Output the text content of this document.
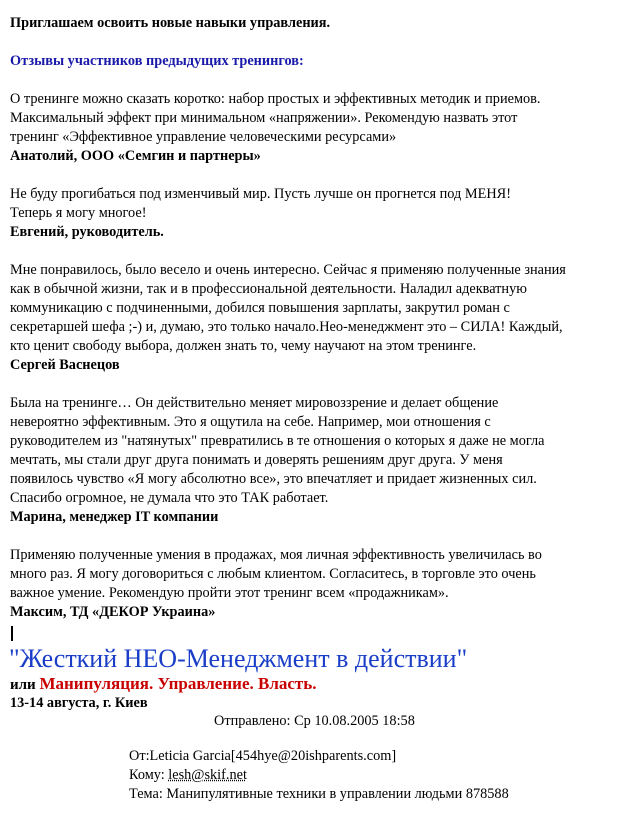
Приглашаем освоить новые навыки управления.
Отзывы участников предыдущих тренингов:
О тренинге можно сказать коротко: набор простых и эффективных методик и приемов.
Максимальный эффект при минимальном «напряжении». Рекомендую назвать этот
тренинг «Эффективное управление человеческими ресурсами»
Анатолий, ООО «Семгин и партнеры»
Не буду прогибаться под изменчивый мир. Пусть лучше он прогнется под МЕНЯ!
Теперь я могу многое!
Евгений, руководитель.
Мне понравилось, было весело и очень интересно. Сейчас я применяю полученные знания
как в обычной жизни, так и в профессиональной деятельности. Наладил адекватную
коммуникацию с подчиненными, добился повышения зарплаты, закрутил роман с
секретаршей шефа ;-) и, думаю, это только начало.Нео-менеджмент это – СИЛА! Каждый,
кто ценит свободу выбора, должен знать то, чему научают на этом тренинге.
Сергей Васнецов
Была на тренинге… Он действительно меняет мировоззрение и делает общение
невероятно эффективным. Это я ощутила на себе. Например, мои отношения с
руководителем из "натянутых" превратились в те отношения о которых я даже не могла
мечтать, мы стали друг друга понимать и доверять решениям друг друга. У меня
появилось чувство «Я могу абсолютно все», это впечатляет и придает жизненных сил.
Спасибо огромное, не думала что это ТАК работает.
Марина, менеджер IT компании
Применяю полученные умения в продажах, моя личная эффективность увеличилась во
много раз. Я могу договориться с любым клиентом. Согласитесь, в торговле это очень
важное умение. Рекомендую пройти этот тренинг всем «продажникам».
Максим, ТД «ДЕКОР Украина»
"Жесткий НЕО-Менеджмент в действии"
или Манипуляция. Управление. Власть.
13-14 августа, г. Киев
Отправлено: Ср 10.08.2005 18:58
От:Leticia Garcia[454hye@20ishparents.com]
Кому: lesh@skif.net
Тема: Манипулятивные техники в управлении людьми 878588
